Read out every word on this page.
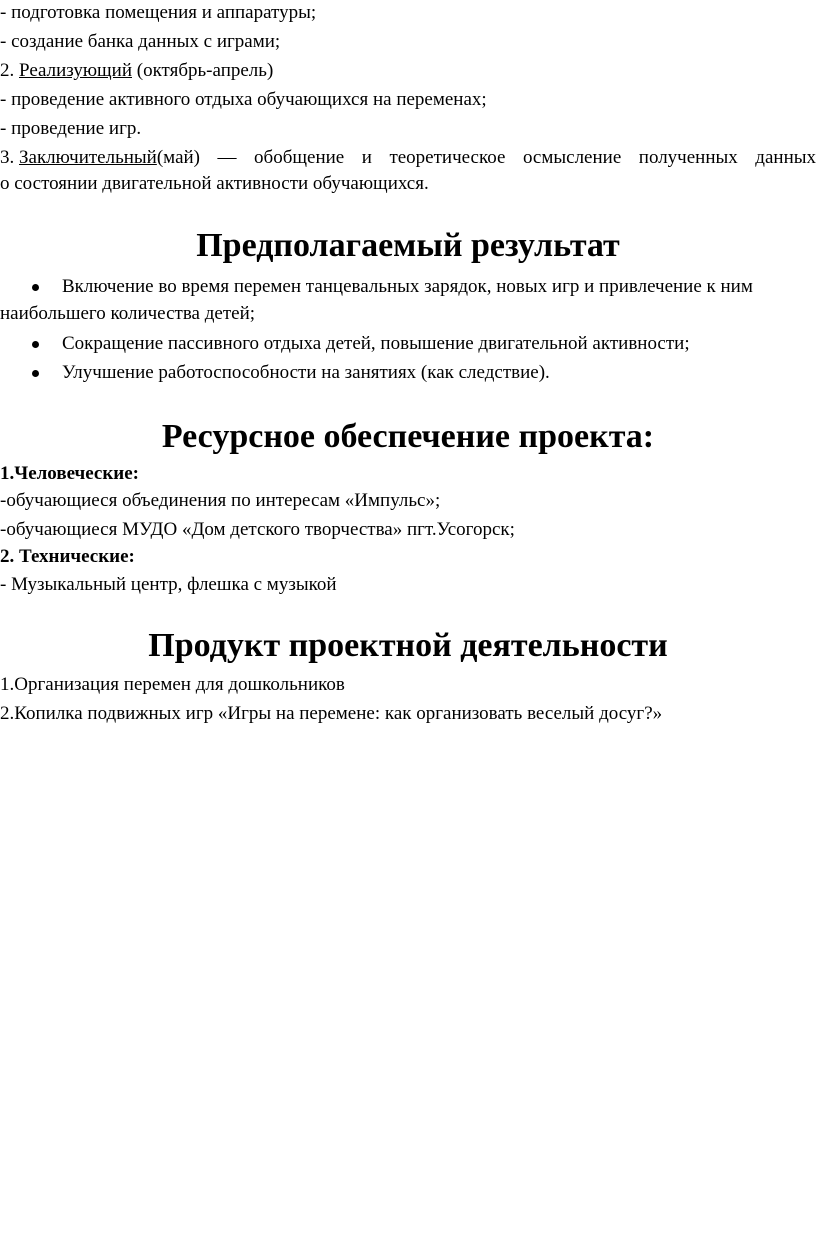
- подготовка помещения и аппаратуры;
- создание банка данных с играми;
2. Реализующий (октябрь-апрель)
- проведение активного отдыха обучающихся на переменах;
- проведение игр.
3. Заключительный (май) — обобщение и теоретическое осмысление полученных данных
о состоянии двигательной активности обучающихся.
Предполагаемый результат
Включение во время перемен танцевальных зарядок, новых игр и привлечение к ним
наибольшего количества детей;
Сокращение пассивного отдыха детей, повышение двигательной активности;
Улучшение работоспособности на занятиях (как следствие).
Ресурсное обеспечение проекта:
1.Человеческие:
-обучающиеся объединения по интересам «Импульс»;
-обучающиеся МУДО «Дом детского творчества» пгт.Усогорск;
2. Технические:
- Музыкальный центр, флешка с музыкой
Продукт проектной деятельности
1.Организация перемен для дошкольников
2.Копилка подвижных игр «Игры на перемене: как организовать веселый досуг?»
